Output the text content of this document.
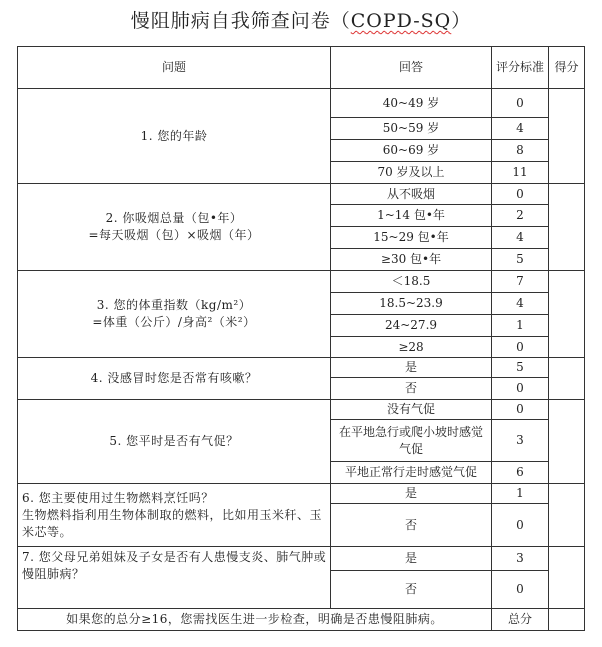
慢阻肺病自我筛查问卷（COPD-SQ）
问题	回答	评分标准	得分
1. 您的年龄	40~49 岁	0	
	50~59 岁	4	
	60~69 岁	8	
	70 岁及以上	11	

2. 你吸烟总量（包•年）
=每天吸烟（包）×吸烟（年）	从不吸烟	0	
	1~14 包•年	2	
	15~29 包•年	4	
	≥30 包•年	5	

3. 您的体重指数（kg/m²）
=体重（公斤）/身高²（米²）	＜18.5	7	
	18.5~23.9	4	
	24~27.9	1	
	≥28	0	
4. 没感冒时您是否常有咳嗽？	是	5	
	否	0	
5. 您平时是否有气促？	没有气促	0	
	在平地急行或爬小坡时感觉气促	3	
	平地正常行走时感觉气促	6	

6. 您主要使用过生物燃料烹饪吗？
生物燃料指利用生物体制取的燃料，比如用玉米秆、玉米芯等。	是	1	
	否	0	
7. 您父母兄弟姐妹及子女是否有人患慢支炎、肺气肿或慢阻肺病？	是	3	
	否	0	
如果您的总分≥16，您需找医生进一步检查，明确是否患慢阻肺病。		总分	
